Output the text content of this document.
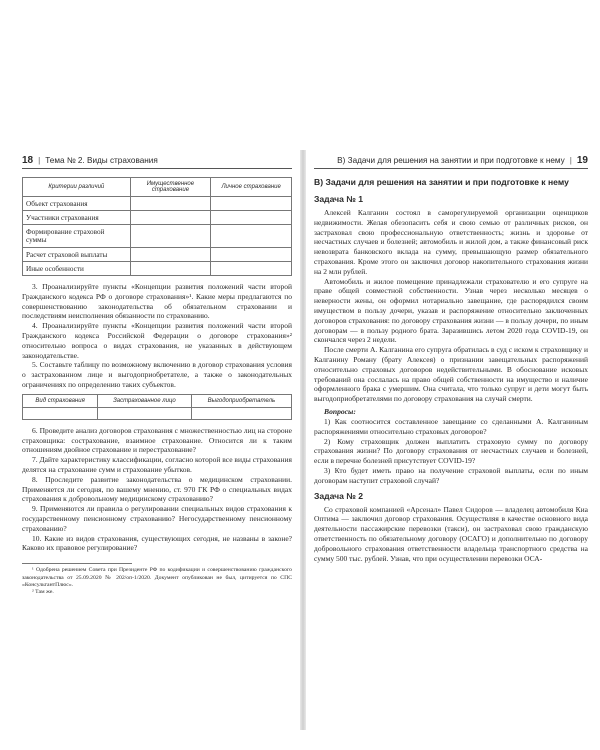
18 | Тема № 2. Виды страхования
Критерии различий	Имущественное страхование	Личное страхование
Объект страхования		
Участники страхования		
Формирование страховой суммы		
Расчет страховой выплаты		
Иные особенности		

3. Проанализируйте пункты «Концепции развития положений части второй Гражданского кодекса РФ о договоре страхования»¹. Какие меры предлагаются по совершенствованию законодательства об обязательном страховании и последствиям неисполнения обязанности по страхованию.

4. Проанализируйте пункты «Концепции развития положений части второй Гражданского кодекса Российской Федерации о договоре страхования»² относительно вопроса о видах страхования, не указанных в действующем законодательстве.

5. Составьте таблицу по возможному включению в договор страхования условия о застрахованном лице и выгодоприобретателе, а также о законодательных ограничениях по определению таких субъектов.

Вид страхования	Застрахованное лицо	Выгодоприобретатель

6. Проведите анализ договоров страхования с множественностью лиц на стороне страховщика: сострахование, взаимное страхование. Относится ли к таким отношениям двойное страхование и перестрахование?

7. Дайте характеристику классификации, согласно которой все виды страхования делятся на страхование сумм и страхование убытков.

8. Проследите развитие законодательства о медицинском страховании. Применяется ли сегодня, по вашему мнению, ст. 970 ГК РФ о специальных видах страхования к добровольному медицинскому страхованию?

9. Применяются ли правила о регулировании специальных видов страхования к государственному пенсионному страхованию? Негосударственному пенсионному страхованию?

10. Какие из видов страхования, существующих сегодня, не названы в законе? Каково их правовое регулирование?

¹ Одобрена решением Совета при Президенте РФ по кодификации и совершенствованию гражданского законодательства от 25.09.2020 № 202/оп-1/2020. Документ опубликован не был, цитируется по СПС «КонсультантПлюс».

² Там же.

В) Задачи для решения на занятии и при подготовке к нему | 19
В) Задачи для решения на занятии и при подготовке к нему
Задача № 1

Алексей Калганин состоял в саморегулируемой организации оценщиков недвижимости. Желая обезопасить себя и свою семью от различных рисков, он застраховал свою профессиональную ответственность; жизнь и здоровье от несчастных случаев и болезней; автомобиль и жилой дом, а также финансовый риск невозврата банковского вклада на сумму, превышающую размер обязательного страхования. Кроме этого он заключил договор накопительного страхования жизни на 2 млн рублей.

Автомобиль и жилое помещение принадлежали страхователю и его супруге на праве общей совместной собственности. Узнав через несколько месяцев о неверности жены, он оформил нотариально завещание, где распорядился своим имуществом в пользу дочери, указав и распоряжение относительно заключенных договоров страхования: по договору страхования жизни — в пользу дочери, по иным договорам — в пользу родного брата. Заразившись летом 2020 года COVID-19, он скончался через 2 недели.

После смерти А. Калганина его супруга обратилась в суд с иском к страховщику и Калганину Роману (брату Алексея) о признании завещательных распоряжений относительно страховых договоров недействительными. В обоснование исковых требований она сослалась на право общей собственности на имущество и наличие оформленного брака с умершим. Она считала, что только супруг и дети могут быть выгодоприобретателями по договору страхования на случай смерти.

Вопросы:

1) Как соотносится составленное завещание со сделанными А. Калганиным распоряжениями относительно страховых договоров?

2) Кому страховщик должен выплатить страховую сумму по договору страхования жизни? По договору страхования от несчастных случаев и болезней, если в перечне болезней присутствует COVID-19?

3) Кто будет иметь право на получение страховой выплаты, если по иным договорам наступит страховой случай?

Задача № 2

Со страховой компанией «Арсенал» Павел Сидоров — владелец автомобиля Киа Оптима — заключил договор страхования. Осуществляя в качестве основного вида деятельности пассажирские перевозки (такси), он застраховал свою гражданскую ответственность по обязательному договору (ОСАГО) и дополнительно по договору добровольного страхования ответственности владельца транспортного средства на сумму 500 тыс. рублей. Узнав, что при осуществлении перевозки ОСА-
